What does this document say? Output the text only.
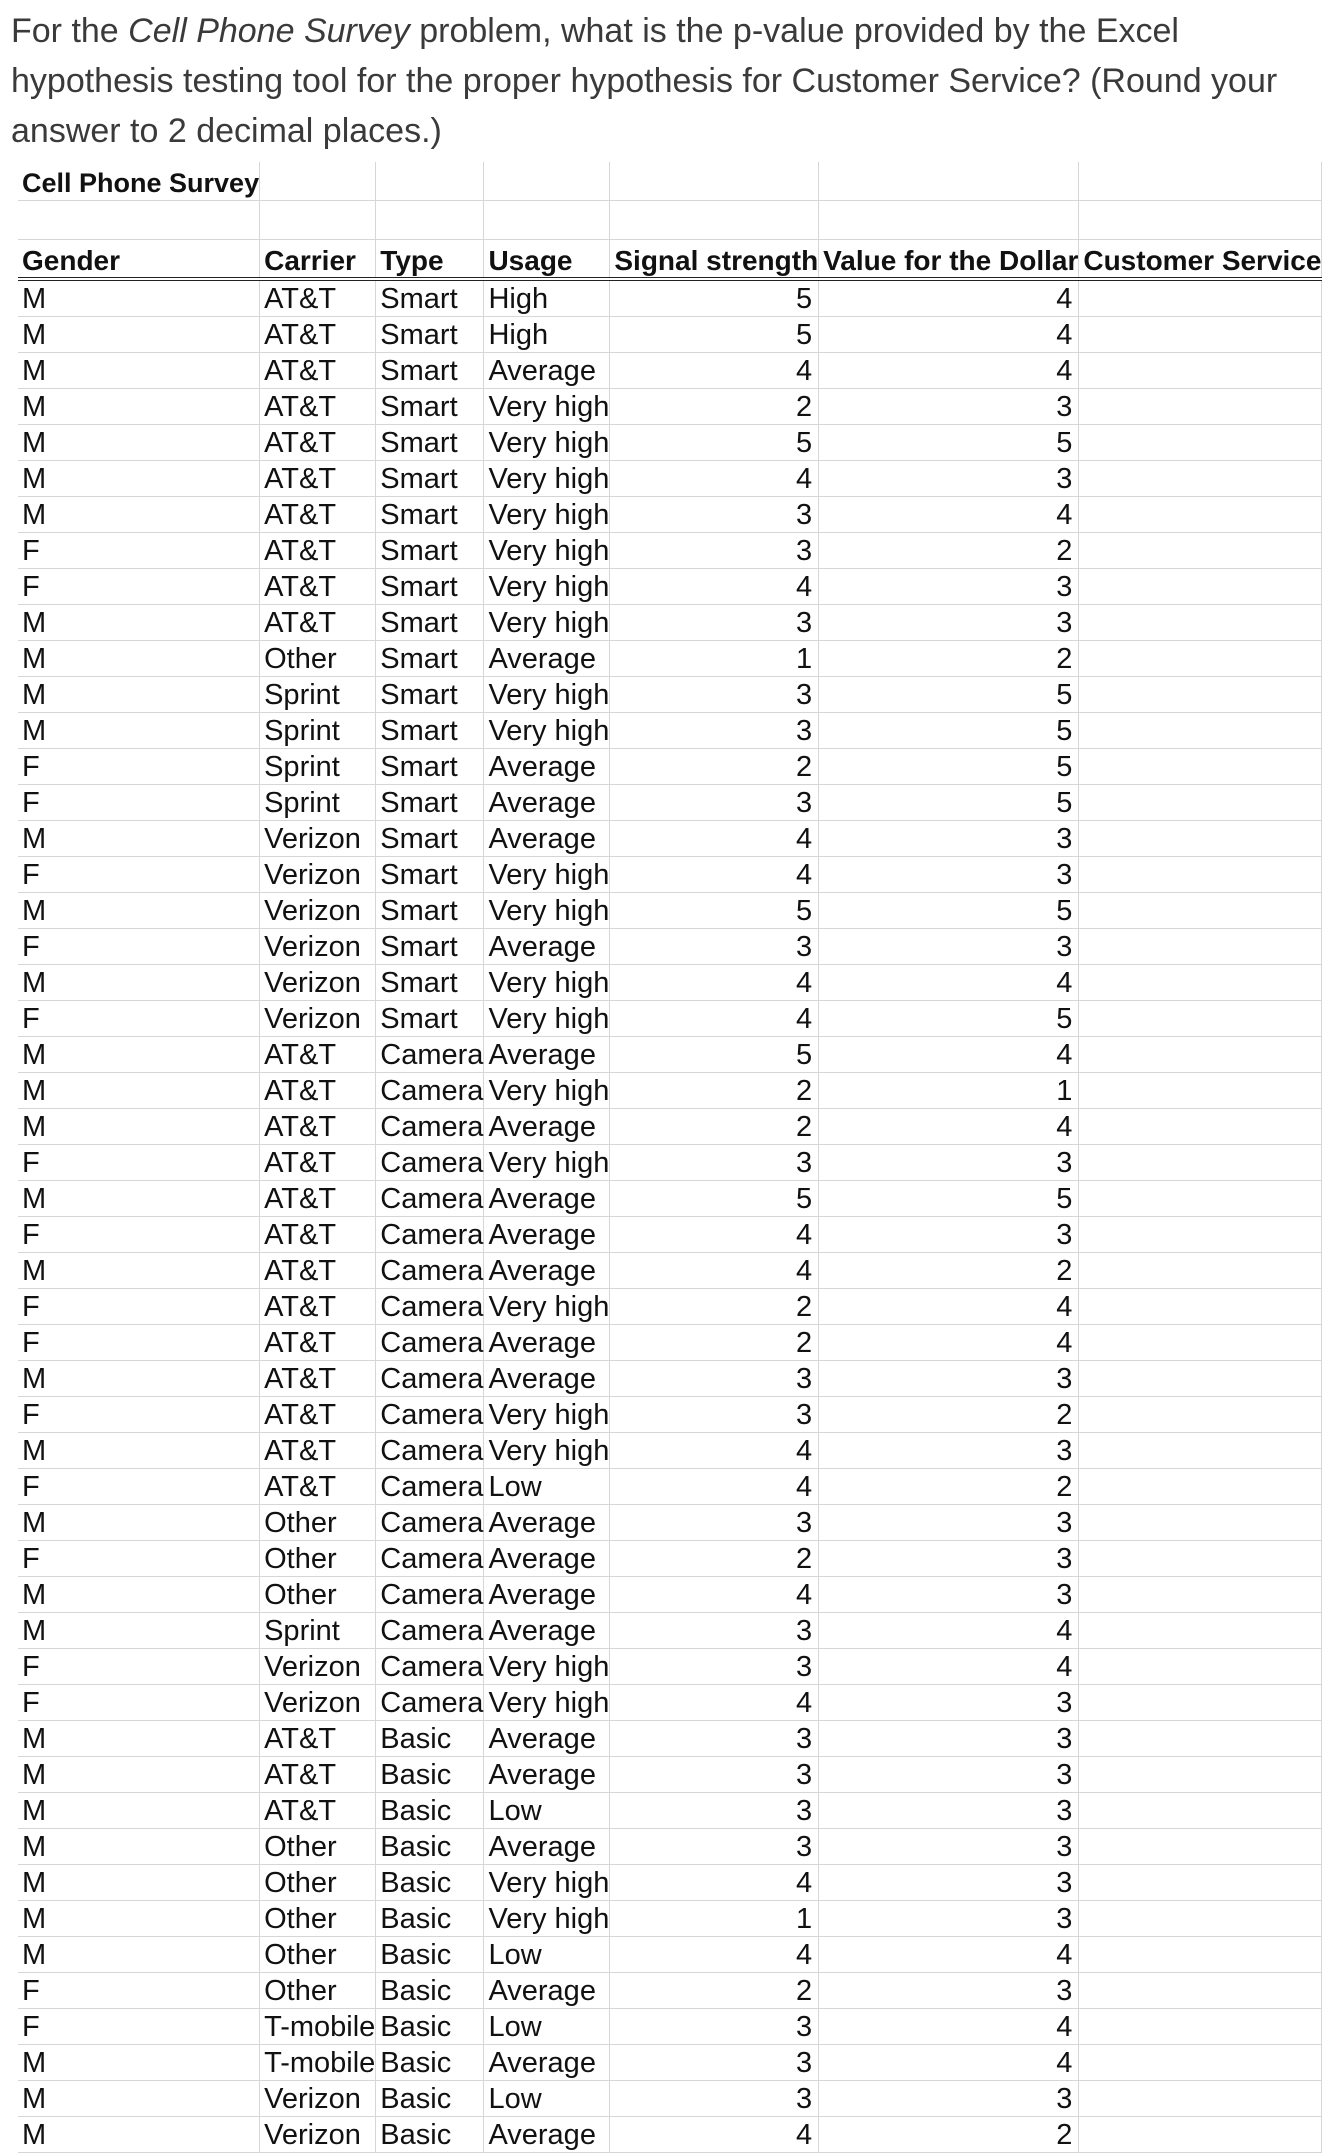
For the Cell Phone Survey problem, what is the p-value provided by the Excel hypothesis testing tool for the proper hypothesis for Customer Service? (Round your answer to 2 decimal places.)
Cell Phone Survey						

Gender	Carrier	Type	Usage	Signal strength	Value for the Dollar	Customer Service
M	AT&T	Smart	High	5	4	
M	AT&T	Smart	High	5	4	
M	AT&T	Smart	Average	4	4	
M	AT&T	Smart	Very high	2	3	
M	AT&T	Smart	Very high	5	5	
M	AT&T	Smart	Very high	4	3	
M	AT&T	Smart	Very high	3	4	
F	AT&T	Smart	Very high	3	2	
F	AT&T	Smart	Very high	4	3	
M	AT&T	Smart	Very high	3	3	
M	Other	Smart	Average	1	2	
M	Sprint	Smart	Very high	3	5	
M	Sprint	Smart	Very high	3	5	
F	Sprint	Smart	Average	2	5	
F	Sprint	Smart	Average	3	5	
M	Verizon	Smart	Average	4	3	
F	Verizon	Smart	Very high	4	3	
M	Verizon	Smart	Very high	5	5	
F	Verizon	Smart	Average	3	3	
M	Verizon	Smart	Very high	4	4	
F	Verizon	Smart	Very high	4	5	
M	AT&T	Camera	Average	5	4	
M	AT&T	Camera	Very high	2	1	
M	AT&T	Camera	Average	2	4	
F	AT&T	Camera	Very high	3	3	
M	AT&T	Camera	Average	5	5	
F	AT&T	Camera	Average	4	3	
M	AT&T	Camera	Average	4	2	
F	AT&T	Camera	Very high	2	4	
F	AT&T	Camera	Average	2	4	
M	AT&T	Camera	Average	3	3	
F	AT&T	Camera	Very high	3	2	
M	AT&T	Camera	Very high	4	3	
F	AT&T	Camera	Low	4	2	
M	Other	Camera	Average	3	3	
F	Other	Camera	Average	2	3	
M	Other	Camera	Average	4	3	
M	Sprint	Camera	Average	3	4	
F	Verizon	Camera	Very high	3	4	
F	Verizon	Camera	Very high	4	3	
M	AT&T	Basic	Average	3	3	
M	AT&T	Basic	Average	3	3	
M	AT&T	Basic	Low	3	3	
M	Other	Basic	Average	3	3	
M	Other	Basic	Very high	4	3	
M	Other	Basic	Very high	1	3	
M	Other	Basic	Low	4	4	
F	Other	Basic	Average	2	3	
F	T-mobile	Basic	Low	3	4	
M	T-mobile	Basic	Average	3	4	
M	Verizon	Basic	Low	3	3	
M	Verizon	Basic	Average	4	2	
